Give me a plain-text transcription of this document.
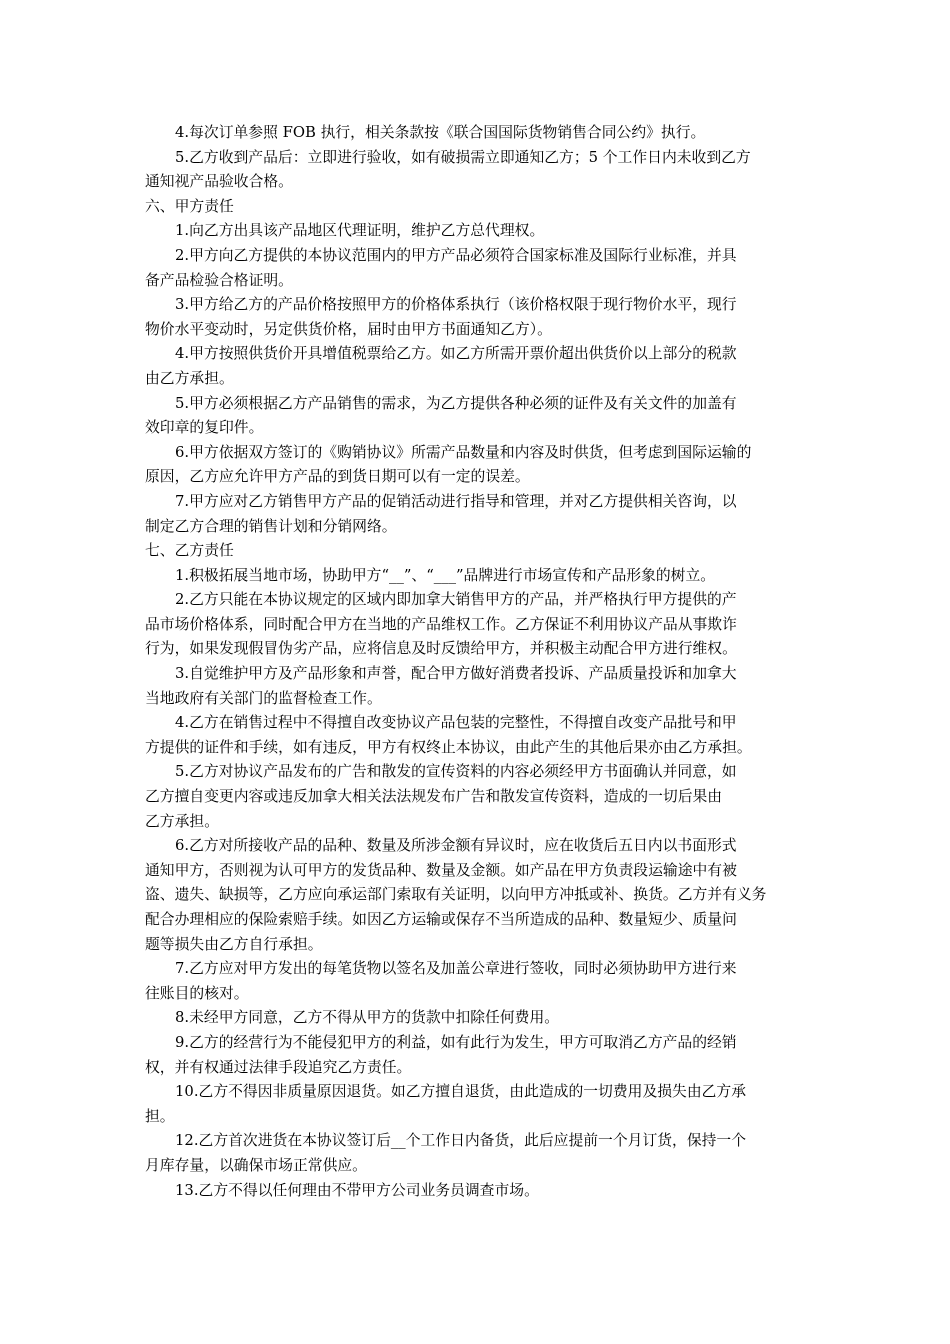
4.每次订单参照 FOB 执行，相关条款按《联合国国际货物销售合同公约》执行。
5.乙方收到产品后：立即进行验收，如有破损需立即通知乙方；5 个工作日内未收到乙方
通知视产品验收合格。
六、甲方责任
1.向乙方出具该产品地区代理证明，维护乙方总代理权。
2.甲方向乙方提供的本协议范围内的甲方产品必须符合国家标准及国际行业标准，并具
备产品检验合格证明。
3.甲方给乙方的产品价格按照甲方的价格体系执行（该价格权限于现行物价水平，现行
物价水平变动时，另定供货价格，届时由甲方书面通知乙方）。
4.甲方按照供货价开具增值税票给乙方。如乙方所需开票价超出供货价以上部分的税款
由乙方承担。
5.甲方必须根据乙方产品销售的需求，为乙方提供各种必须的证件及有关文件的加盖有
效印章的复印件。
6.甲方依据双方签订的《购销协议》所需产品数量和内容及时供货，但考虑到国际运输的
原因，乙方应允许甲方产品的到货日期可以有一定的误差。
7.甲方应对乙方销售甲方产品的促销活动进行指导和管理，并对乙方提供相关咨询，以
制定乙方合理的销售计划和分销网络。
七、乙方责任
1.积极拓展当地市场，协助甲方“__”、“___”品牌进行市场宣传和产品形象的树立。
2.乙方只能在本协议规定的区域内即加拿大销售甲方的产品，并严格执行甲方提供的产
品市场价格体系，同时配合甲方在当地的产品维权工作。乙方保证不利用协议产品从事欺诈
行为，如果发现假冒伪劣产品，应将信息及时反馈给甲方，并积极主动配合甲方进行维权。
3.自觉维护甲方及产品形象和声誉，配合甲方做好消费者投诉、产品质量投诉和加拿大
当地政府有关部门的监督检查工作。
4.乙方在销售过程中不得擅自改变协议产品包装的完整性，不得擅自改变产品批号和甲
方提供的证件和手续，如有违反，甲方有权终止本协议，由此产生的其他后果亦由乙方承担。
5.乙方对协议产品发布的广告和散发的宣传资料的内容必须经甲方书面确认并同意，如
乙方擅自变更内容或违反加拿大相关法法规发布广告和散发宣传资料，造成的一切后果由
乙方承担。
6.乙方对所接收产品的品种、数量及所涉金额有异议时，应在收货后五日内以书面形式
通知甲方，否则视为认可甲方的发货品种、数量及金额。如产品在甲方负责段运输途中有被
盗、遗失、缺损等，乙方应向承运部门索取有关证明，以向甲方冲抵或补、换货。乙方并有义务
配合办理相应的保险索赔手续。如因乙方运输或保存不当所造成的品种、数量短少、质量问
题等损失由乙方自行承担。
7.乙方应对甲方发出的每笔货物以签名及加盖公章进行签收，同时必须协助甲方进行来
往账目的核对。
8.未经甲方同意，乙方不得从甲方的货款中扣除任何费用。
9.乙方的经营行为不能侵犯甲方的利益，如有此行为发生，甲方可取消乙方产品的经销
权，并有权通过法律手段追究乙方责任。
10.乙方不得因非质量原因退货。如乙方擅自退货，由此造成的一切费用及损失由乙方承
担。
12.乙方首次进货在本协议签订后__个工作日内备货，此后应提前一个月订货，保持一个
月库存量，以确保市场正常供应。
13.乙方不得以任何理由不带甲方公司业务员调查市场。
